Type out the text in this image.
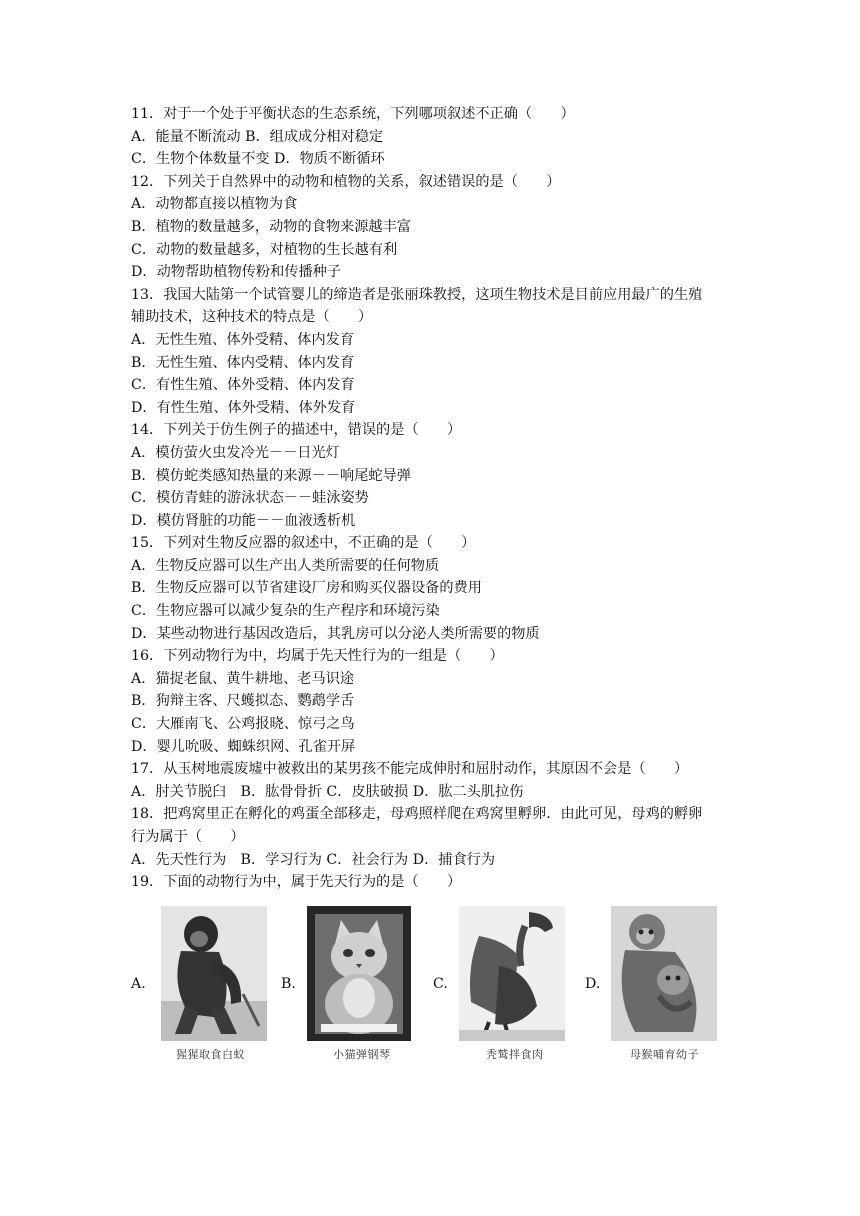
11．对于一个处于平衡状态的生态系统，下列哪项叙述不正确（　　）
A．能量不断流动 B．组成成分相对稳定
C．生物个体数量不变 D．物质不断循环
12．下列关于自然界中的动物和植物的关系，叙述错误的是（　　）
A．动物都直接以植物为食
B．植物的数量越多，动物的食物来源越丰富
C．动物的数量越多，对植物的生长越有利
D．动物帮助植物传粉和传播种子
13．我国大陆第一个试管婴儿的缔造者是张丽珠教授，这项生物技术是目前应用最广的生殖
辅助技术，这种技术的特点是（　　）
A．无性生殖、体外受精、体内发育
B．无性生殖、体内受精、体内发育
C．有性生殖、体外受精、体内发育
D．有性生殖、体外受精、体外发育
14．下列关于仿生例子的描述中，错误的是（　　）
A．模仿萤火虫发冷光－－日光灯
B．模仿蛇类感知热量的来源－－响尾蛇导弹
C．模仿青蛙的游泳状态－－蛙泳姿势
D．模仿肾脏的功能－－血液透析机
15．下列对生物反应器的叙述中，不正确的是（　　）
A．生物反应器可以生产出人类所需要的任何物质
B．生物反应器可以节省建设厂房和购买仪器设备的费用
C．生物应器可以减少复杂的生产程序和环境污染
D．某些动物进行基因改造后，其乳房可以分泌人类所需要的物质
16．下列动物行为中，均属于先天性行为的一组是（　　）
A．猫捉老鼠、黄牛耕地、老马识途
B．狗辩主客、尺蠖拟态、鹦鹉学舌
C．大雁南飞、公鸡报晓、惊弓之鸟
D．婴儿吮吸、蜘蛛织网、孔雀开屏
17．从玉树地震废墟中被救出的某男孩不能完成伸肘和屈肘动作，其原因不会是（　　）
A．肘关节脱臼　B．肱骨骨折 C．皮肤破损 D．肱二头肌拉伤
18．把鸡窝里正在孵化的鸡蛋全部移走，母鸡照样爬在鸡窝里孵卵．由此可见，母鸡的孵卵
行为属于（　　）
A．先天性行为　B．学习行为 C．社会行为 D．捕食行为
19．下面的动物行为中，属于先天行为的是（　　）
A.
猩猩取食白蚁
B.
小猫弹钢琴
C.
秃鹫拌食肉
D.
母猴哺育幼子
